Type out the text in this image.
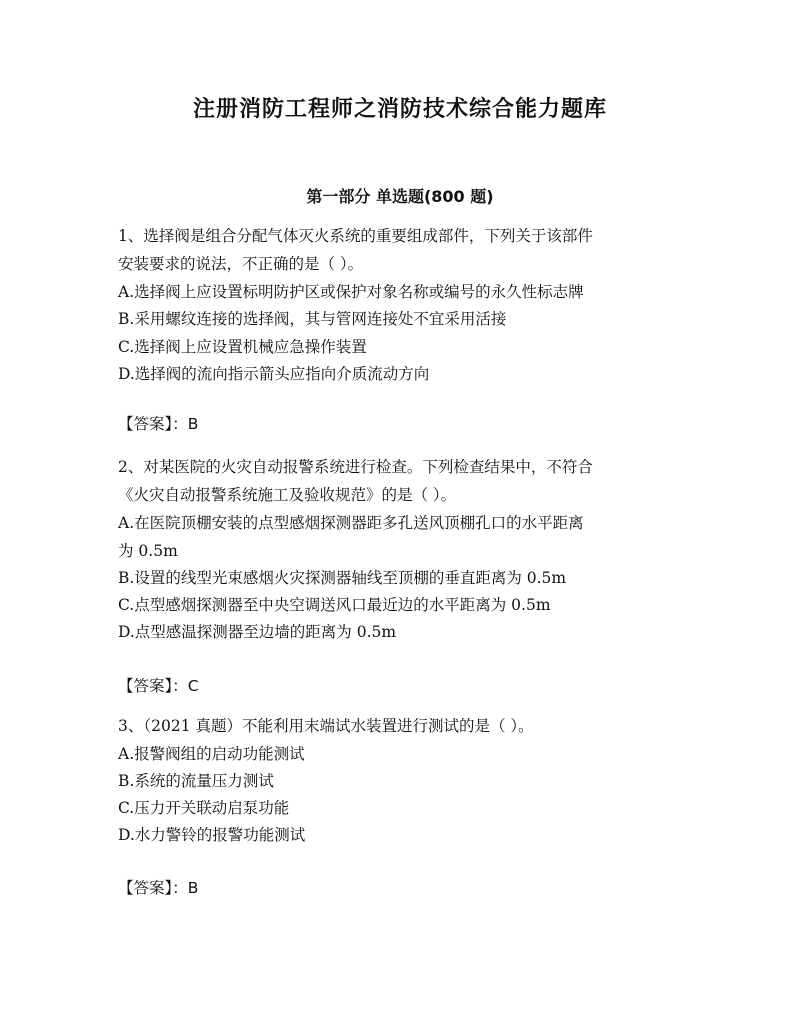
注册消防工程师之消防技术综合能力题库
第一部分 单选题(800 题)
1、选择阀是组合分配气体灭火系统的重要组成部件，下列关于该部件
安装要求的说法，不正确的是（ ）。
A.选择阀上应设置标明防护区或保护对象名称或编号的永久性标志牌
B.采用螺纹连接的选择阀，其与管网连接处不宜采用活接
C.选择阀上应设置机械应急操作装置
D.选择阀的流向指示箭头应指向介质流动方向
【答案】：B
2、对某医院的火灾自动报警系统进行检查。下列检查结果中，不符合
《火灾自动报警系统施工及验收规范》的是（ ）。
A.在医院顶棚安装的点型感烟探测器距多孔送风顶棚孔口的水平距离
为 0.5m
B.设置的线型光束感烟火灾探测器轴线至顶棚的垂直距离为 0.5m
C.点型感烟探测器至中央空调送风口最近边的水平距离为 0.5m
D.点型感温探测器至边墙的距离为 0.5m
【答案】：C
3、（2021 真题）不能利用末端试水装置进行测试的是（ ）。
A.报警阀组的启动功能测试
B.系统的流量压力测试
C.压力开关联动启泵功能
D.水力警铃的报警功能测试
【答案】：B
